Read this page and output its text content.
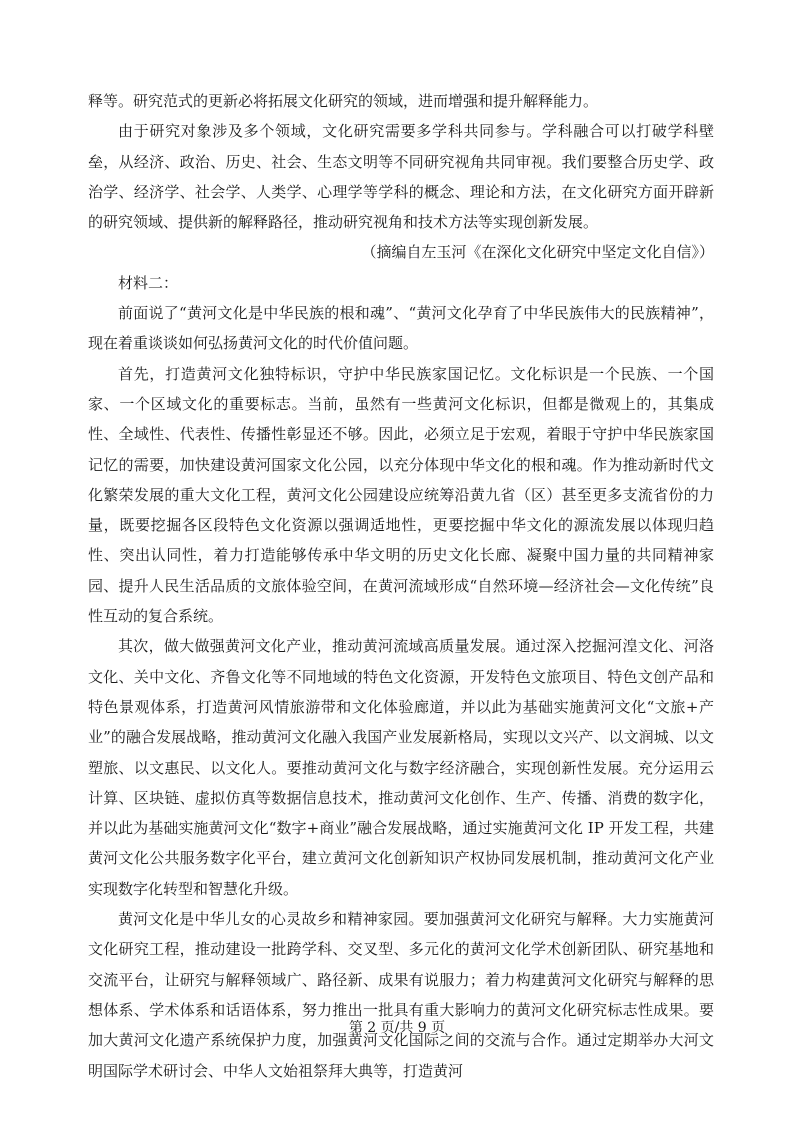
释等。研究范式的更新必将拓展文化研究的领域，进而增强和提升解释能力。

由于研究对象涉及多个领域，文化研究需要多学科共同参与。学科融合可以打破学科壁垒，从经济、政治、历史、社会、生态文明等不同研究视角共同审视。我们要整合历史学、政治学、经济学、社会学、人类学、心理学等学科的概念、理论和方法，在文化研究方面开辟新的研究领域、提供新的解释路径，推动研究视角和技术方法等实现创新发展。

（摘编自左玉河《在深化文化研究中坚定文化自信》）

材料二：

前面说了“黄河文化是中华民族的根和魂”、“黄河文化孕育了中华民族伟大的民族精神”，现在着重谈谈如何弘扬黄河文化的时代价值问题。

首先，打造黄河文化独特标识，守护中华民族家国记忆。文化标识是一个民族、一个国家、一个区域文化的重要标志。当前，虽然有一些黄河文化标识，但都是微观上的，其集成性、全域性、代表性、传播性彰显还不够。因此，必须立足于宏观，着眼于守护中华民族家国记忆的需要，加快建设黄河国家文化公园，以充分体现中华文化的根和魂。作为推动新时代文化繁荣发展的重大文化工程，黄河文化公园建设应统筹沿黄九省（区）甚至更多支流省份的力量，既要挖掘各区段特色文化资源以强调适地性，更要挖掘中华文化的源流发展以体现归趋性、突出认同性，着力打造能够传承中华文明的历史文化长廊、凝聚中国力量的共同精神家园、提升人民生活品质的文旅体验空间，在黄河流域形成“自然环境—经济社会—文化传统”良性互动的复合系统。

其次，做大做强黄河文化产业，推动黄河流域高质量发展。通过深入挖掘河湟文化、河洛文化、关中文化、齐鲁文化等不同地域的特色文化资源，开发特色文旅项目、特色文创产品和特色景观体系，打造黄河风情旅游带和文化体验廊道，并以此为基础实施黄河文化“文旅+产业”的融合发展战略，推动黄河文化融入我国产业发展新格局，实现以文兴产、以文润城、以文塑旅、以文惠民、以文化人。要推动黄河文化与数字经济融合，实现创新性发展。充分运用云计算、区块链、虚拟仿真等数据信息技术，推动黄河文化创作、生产、传播、消费的数字化，并以此为基础实施黄河文化“数字+商业”融合发展战略，通过实施黄河文化 IP 开发工程，共建黄河文化公共服务数字化平台，建立黄河文化创新知识产权协同发展机制，推动黄河文化产业实现数字化转型和智慧化升级。

黄河文化是中华儿女的心灵故乡和精神家园。要加强黄河文化研究与解释。大力实施黄河文化研究工程，推动建设一批跨学科、交叉型、多元化的黄河文化学术创新团队、研究基地和交流平台，让研究与解释领域广、路径新、成果有说服力；着力构建黄河文化研究与解释的思想体系、学术体系和话语体系，努力推出一批具有重大影响力的黄河文化研究标志性成果。要加大黄河文化遗产系统保护力度，加强黄河文化国际之间的交流与合作。通过定期举办大河文明国际学术研讨会、中华人文始祖祭拜大典等，打造黄河

第 2 页/共 9 页
